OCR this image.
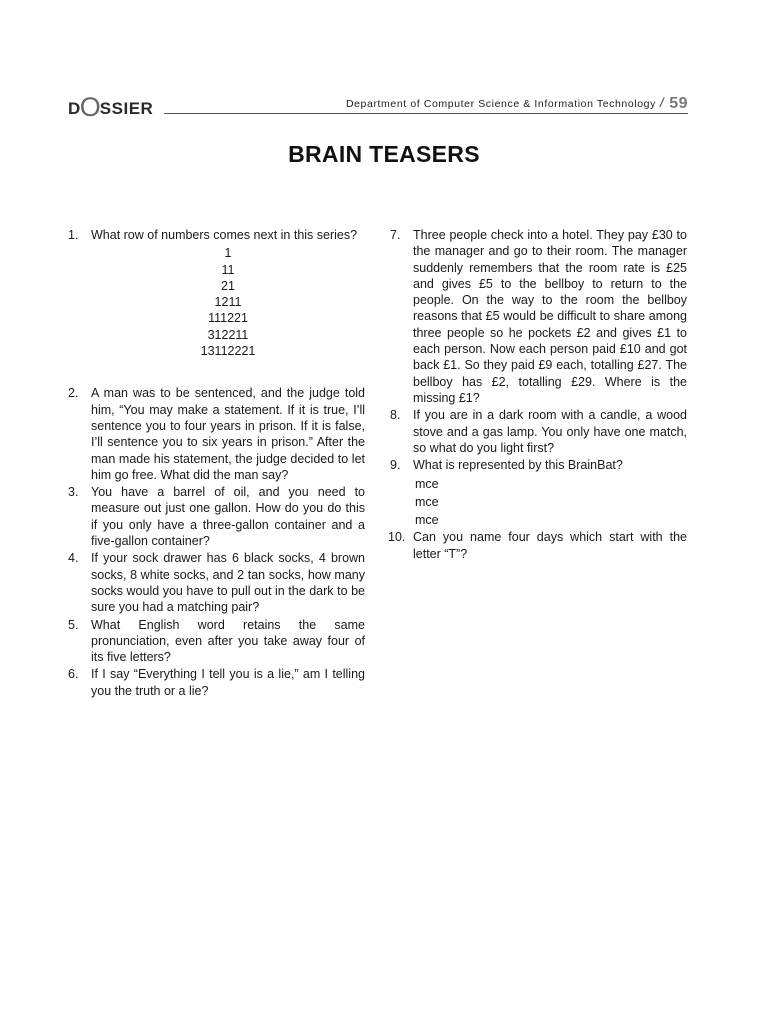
DOSSIER	Department of Computer Science & Information Technology / 59
BRAIN TEASERS
1. What row of numbers comes next in this series?
1
11
21
1211
111221
312211
13112221
2. A man was to be sentenced, and the judge told him, “You may make a statement. If it is true, I’ll sentence you to four years in prison. If it is false, I’ll sentence you to six years in prison.” After the man made his statement, the judge decided to let him go free. What did the man say?
3. You have a barrel of oil, and you need to measure out just one gallon. How do you do this if you only have a three-gallon container and a five-gallon container?
4. If your sock drawer has 6 black socks, 4 brown socks, 8 white socks, and 2 tan socks, how many socks would you have to pull out in the dark to be sure you had a matching pair?
5. What English word retains the same pronunciation, even after you take away four of its five letters?
6. If I say “Everything I tell you is a lie,” am I telling you the truth or a lie?
7. Three people check into a hotel. They pay £30 to the manager and go to their room. The manager suddenly remembers that the room rate is £25 and gives £5 to the bellboy to return to the people. On the way to the room the bellboy reasons that £5 would be difficult to share among three people so he pockets £2 and gives £1 to each person. Now each person paid £10 and got back £1. So they paid £9 each, totalling £27. The bellboy has £2, totalling £29. Where is the missing £1?
8. If you are in a dark room with a candle, a wood stove and a gas lamp. You only have one match, so what do you light first?
9. What is represented by this BrainBat?
mce
mce
mce
10. Can you name four days which start with the letter “T”?
